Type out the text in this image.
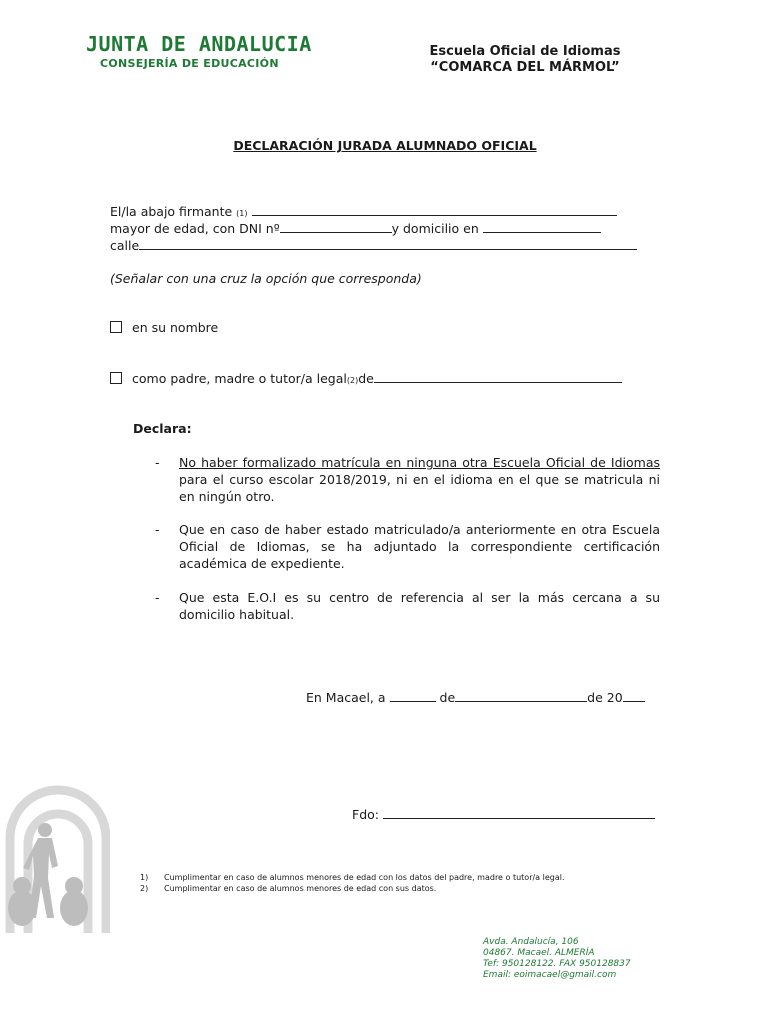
JUNTA DE ANDALUCIA
CONSEJERÍA DE EDUCACIÓN
Escuela Oficial de Idiomas
“COMARCA DEL MÁRMOL”
DECLARACIÓN JURADA ALUMNADO OFICIAL
El/la abajo firmante (1)
mayor de edad, con DNI nº	y domicilio en
calle
(Señalar con una cruz la opción que corresponda)
en su nombre
como padre, madre o tutor/a legal(2)de
Declara:
- No haber formalizado matrícula en ninguna otra Escuela Oficial de Idiomas para el curso escolar 2018/2019, ni en el idioma en el que se matricula ni en ningún otro.
- Que en caso de haber estado matriculado/a anteriormente en otra Escuela Oficial de Idiomas, se ha adjuntado la correspondiente certificación académica de expediente.
- Que esta E.O.I es su centro de referencia al ser la más cercana a su domicilio habitual.
En Macael, a	de	de 20
Fdo:
1) Cumplimentar en caso de alumnos menores de edad con los datos del padre, madre o tutor/a legal.
2) Cumplimentar en caso de alumnos menores de edad con sus datos.
Avda. Andalucía, 106
04867. Macael. ALMERÍA
Tef: 950128122. FAX 950128837
Email: eoimacael@gmail.com
